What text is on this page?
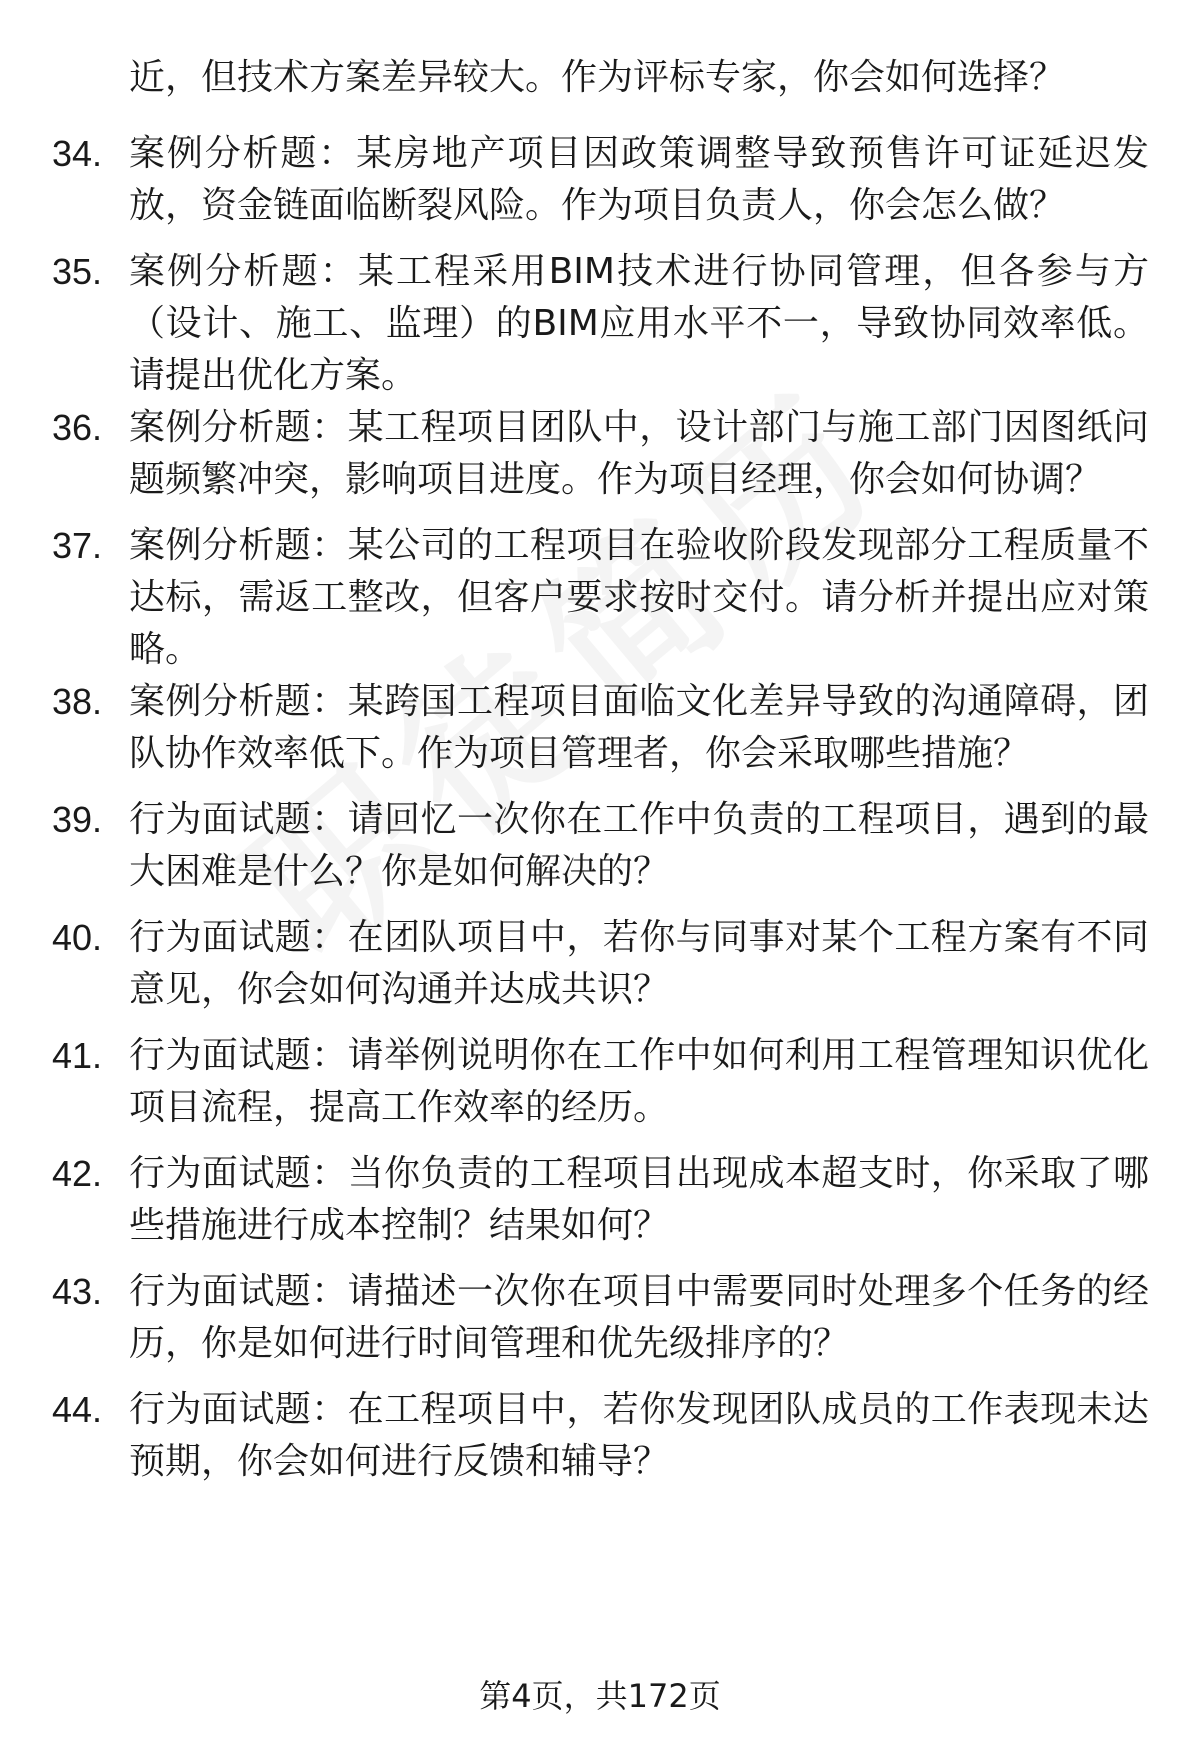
近，但技术方案差异较大。作为评标专家，你会如何选择？
34. 案例分析题：某房地产项目因政策调整导致预售许可证延迟发放，资金链面临断裂风险。作为项目负责人，你会怎么做？
35. 案例分析题：某工程采用BIM技术进行协同管理，但各参与方（设计、施工、监理）的BIM应用水平不一，导致协同效率低。请提出优化方案。
36. 案例分析题：某工程项目团队中，设计部门与施工部门因图纸问题频繁冲突，影响项目进度。作为项目经理，你会如何协调？
37. 案例分析题：某公司的工程项目在验收阶段发现部分工程质量不达标，需返工整改，但客户要求按时交付。请分析并提出应对策略。
38. 案例分析题：某跨国工程项目面临文化差异导致的沟通障碍，团队协作效率低下。作为项目管理者，你会采取哪些措施？
39. 行为面试题：请回忆一次你在工作中负责的工程项目，遇到的最大困难是什么？你是如何解决的？
40. 行为面试题：在团队项目中，若你与同事对某个工程方案有不同意见，你会如何沟通并达成共识？
41. 行为面试题：请举例说明你在工作中如何利用工程管理知识优化项目流程，提高工作效率的经历。
42. 行为面试题：当你负责的工程项目出现成本超支时，你采取了哪些措施进行成本控制？结果如何？
43. 行为面试题：请描述一次你在项目中需要同时处理多个任务的经历，你是如何进行时间管理和优先级排序的？
44. 行为面试题：在工程项目中，若你发现团队成员的工作表现未达预期，你会如何进行反馈和辅导？
第4页，共172页
